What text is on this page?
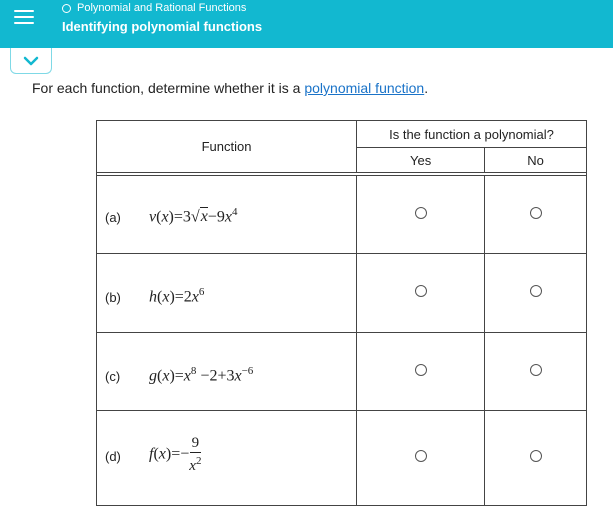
Polynomial and Rational Functions
Identifying polynomial functions
For each function, determine whether it is a polynomial function.
Function	Is the function a polynomial?	
	Yes	No

(a) $v(x)=3√x-9x^4$

(b) $h(x)=2x^6$

(c) $g(x)=x^8 -2+3x^{-6}$

(d) $f(x)=- \frac{9}{x^2}$
